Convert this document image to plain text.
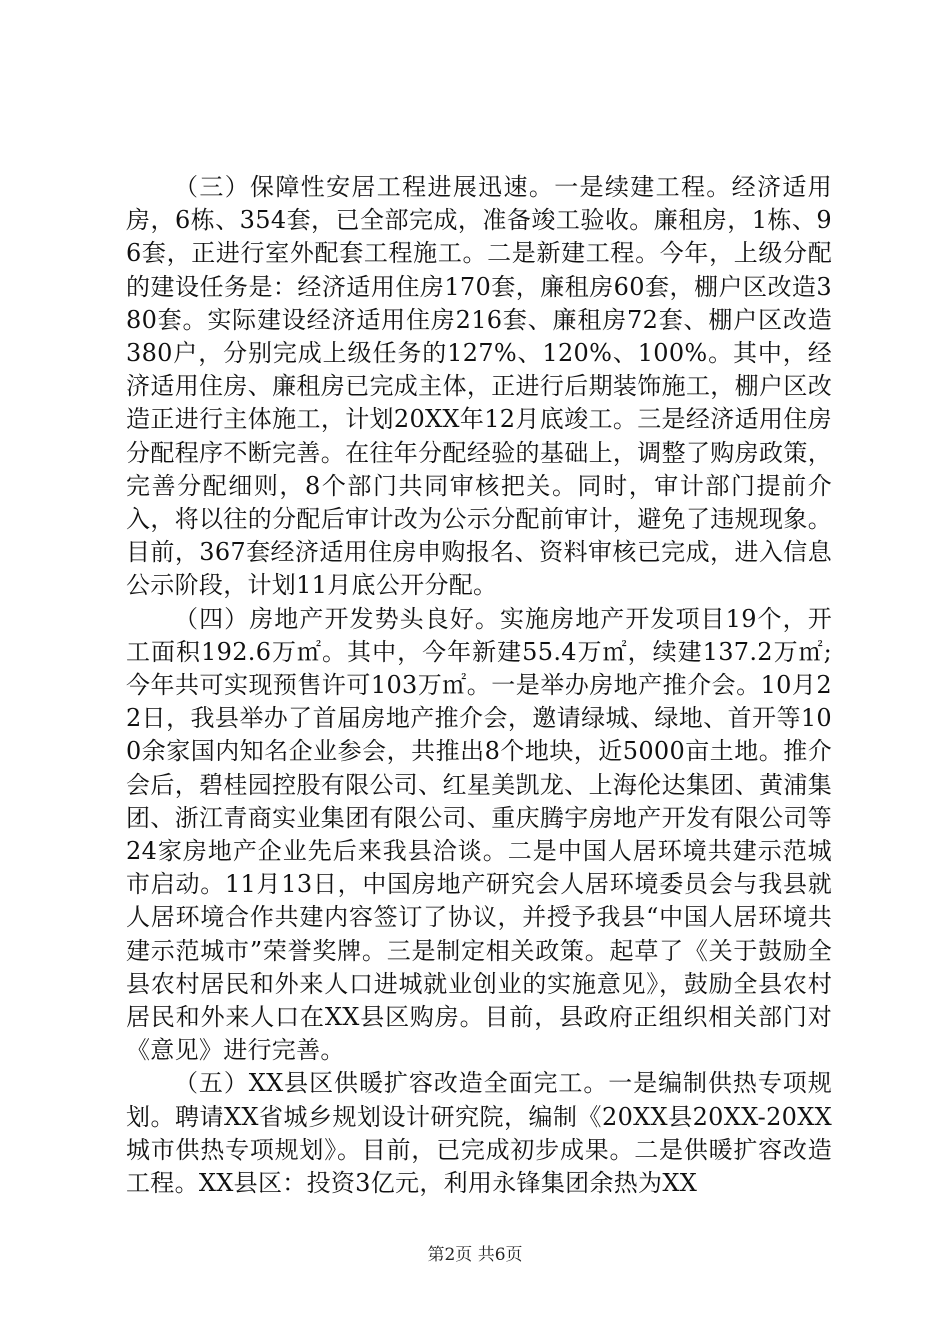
（三）保障性安居工程进展迅速。一是续建工程。经济适用房，6栋、354套，已全部完成，准备竣工验收。廉租房，1栋、96套，正进行室外配套工程施工。二是新建工程。今年，上级分配的建设任务是：经济适用住房170套，廉租房60套，棚户区改造380套。实际建设经济适用住房216套、廉租房72套、棚户区改造380户，分别完成上级任务的127%、120%、100%。其中，经济适用住房、廉租房已完成主体，正进行后期装饰施工，棚户区改造正进行主体施工，计划20XX年12月底竣工。三是经济适用住房分配程序不断完善。在往年分配经验的基础上，调整了购房政策，完善分配细则，8个部门共同审核把关。同时，审计部门提前介入，将以往的分配后审计改为公示分配前审计，避免了违规现象。目前，367套经济适用住房申购报名、资料审核已完成，进入信息公示阶段，计划11月底公开分配。

（四）房地产开发势头良好。实施房地产开发项目19个，开工面积192.6万㎡。其中，今年新建55.4万㎡，续建137.2万㎡;今年共可实现预售许可103万㎡。一是举办房地产推介会。10月22日，我县举办了首届房地产推介会，邀请绿城、绿地、首开等100余家国内知名企业参会，共推出8个地块，近5000亩土地。推介会后，碧桂园控股有限公司、红星美凯龙、上海伦达集团、黄浦集团、浙江青商实业集团有限公司、重庆腾宇房地产开发有限公司等24家房地产企业先后来我县洽谈。二是中国人居环境共建示范城市启动。11月13日，中国房地产研究会人居环境委员会与我县就人居环境合作共建内容签订了协议，并授予我县“中国人居环境共建示范城市”荣誉奖牌。三是制定相关政策。起草了《关于鼓励全县农村居民和外来人口进城就业创业的实施意见》，鼓励全县农村居民和外来人口在XX县区购房。目前，县政府正组织相关部门对《意见》进行完善。

（五）XX县区供暖扩容改造全面完工。一是编制供热专项规划。聘请XX省城乡规划设计研究院，编制《20XX县20XX-20XX城市供热专项规划》。目前，已完成初步成果。二是供暖扩容改造工程。XX县区：投资3亿元，利用永锋集团余热为XX

第2页 共6页
